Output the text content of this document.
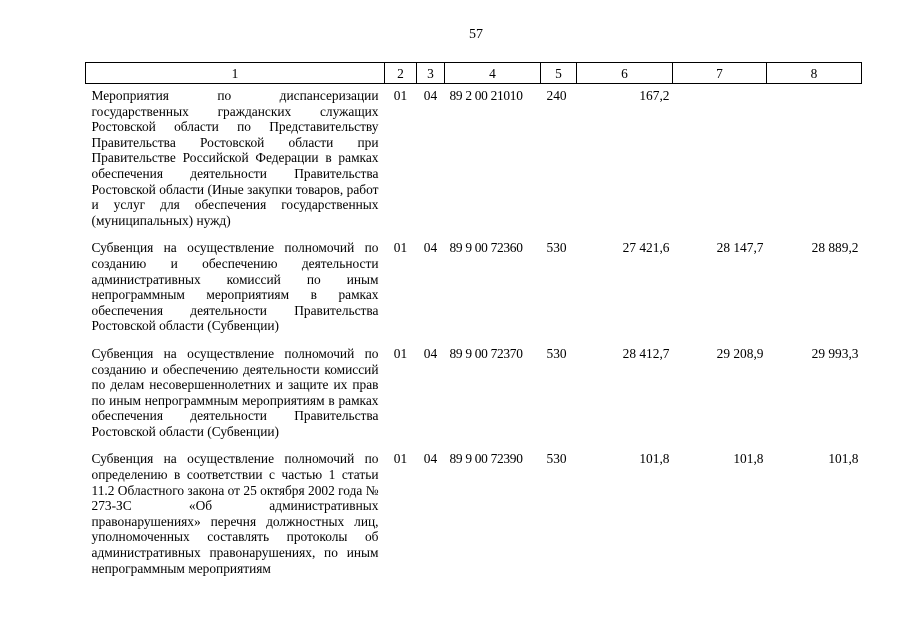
57
1	2	3	4	5	6	7	8
Мероприятия по диспансеризации государственных гражданских служащих Ростовской области по Представительству Правительства Ростовской области при Правительстве Российской Федерации в рамках обеспечения деятельности Правительства Ростовской области (Иные закупки товаров, работ и услуг для обеспечения государственных (муниципальных) нужд)	01	04	89 2 00 21010	240	167,2		
Субвенция на осуществление полномочий по созданию и обеспечению деятельности административных комиссий по иным непрограммным мероприятиям в рамках обеспечения деятельности Правительства Ростовской области (Субвенции)	01	04	89 9 00 72360	530	27 421,6	28 147,7	28 889,2
Субвенция на осуществление полномочий по созданию и обеспечению деятельности комиссий по делам несовершеннолетних и защите их прав по иным непрограммным мероприятиям в рамках обеспечения деятельности Правительства Ростовской области (Субвенции)	01	04	89 9 00 72370	530	28 412,7	29 208,9	29 993,3
Субвенция на осуществление полномочий по определению в соответствии с частью 1 статьи 11.2 Областного закона от 25 октября 2002 года № 273-ЗС «Об административных правонарушениях» перечня должностных лиц, уполномоченных составлять протоколы об административных правонарушениях, по иным непрограммным мероприятиям	01	04	89 9 00 72390	530	101,8	101,8	101,8
